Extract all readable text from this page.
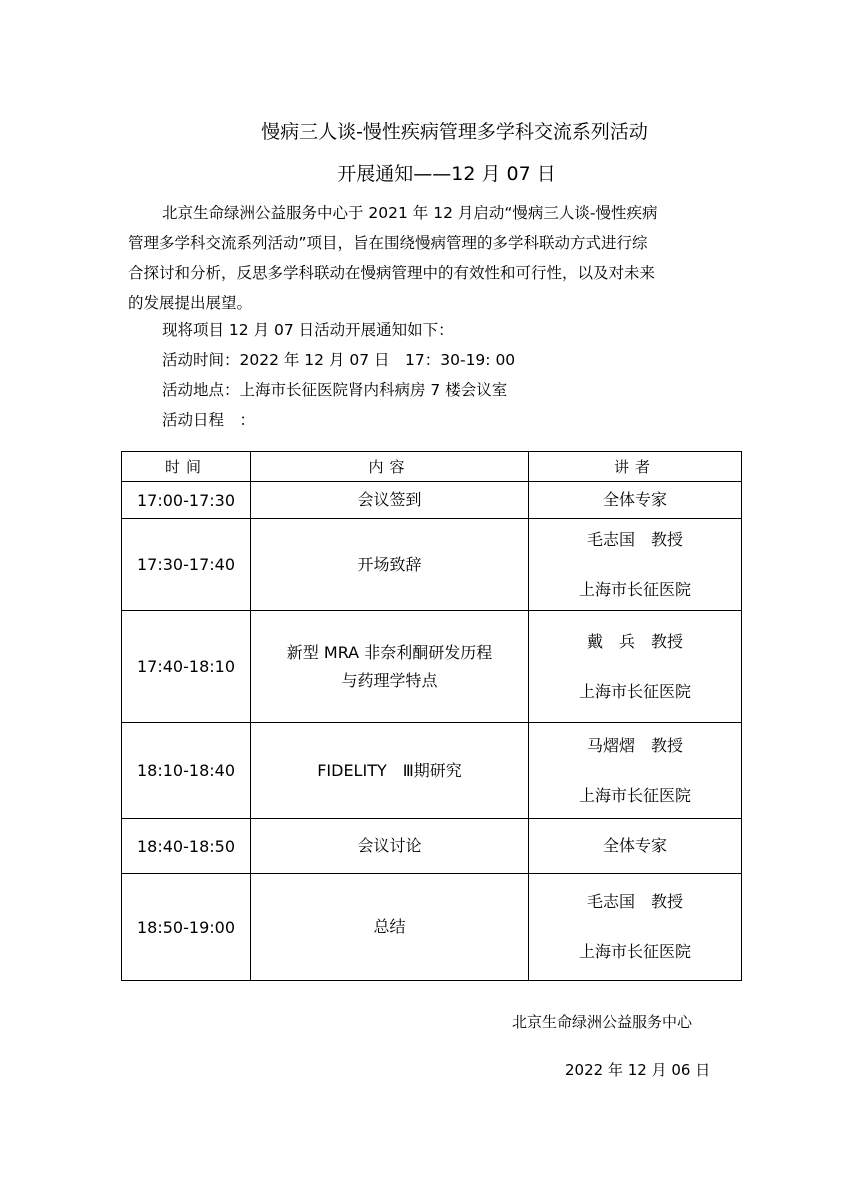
慢病三人谈-慢性疾病管理多学科交流系列活动
开展通知——12 月 07 日
北京生命绿洲公益服务中心于 2021 年 12 月启动“慢病三人谈-慢性疾病
管理多学科交流系列活动”项目，旨在围绕慢病管理的多学科联动方式进行综
合探讨和分析，反思多学科联动在慢病管理中的有效性和可行性，以及对未来
的发展提出展望。
现将项目 12 月 07 日活动开展通知如下：
活动时间：2022 年 12 月 07 日　17：30-19: 00
活动地点：上海市长征医院肾内科病房 7 楼会议室
活动日程　：
时间	内容	讲者
17:00-17:30	会议签到	全体专家

17:30-17:40	开场致辞	毛志国　教授
上海市长征医院

17:40-18:10	新型 MRA 非奈利酮研发历程
与药理学特点	戴　兵　教授
上海市长征医院

18:10-18:40	FIDELITY　Ⅲ期研究	马熠熠　教授
上海市长征医院

18:40-18:50	会议讨论	全体专家

18:50-19:00	总结	毛志国　教授
上海市长征医院
北京生命绿洲公益服务中心
2022 年 12 月 06 日
